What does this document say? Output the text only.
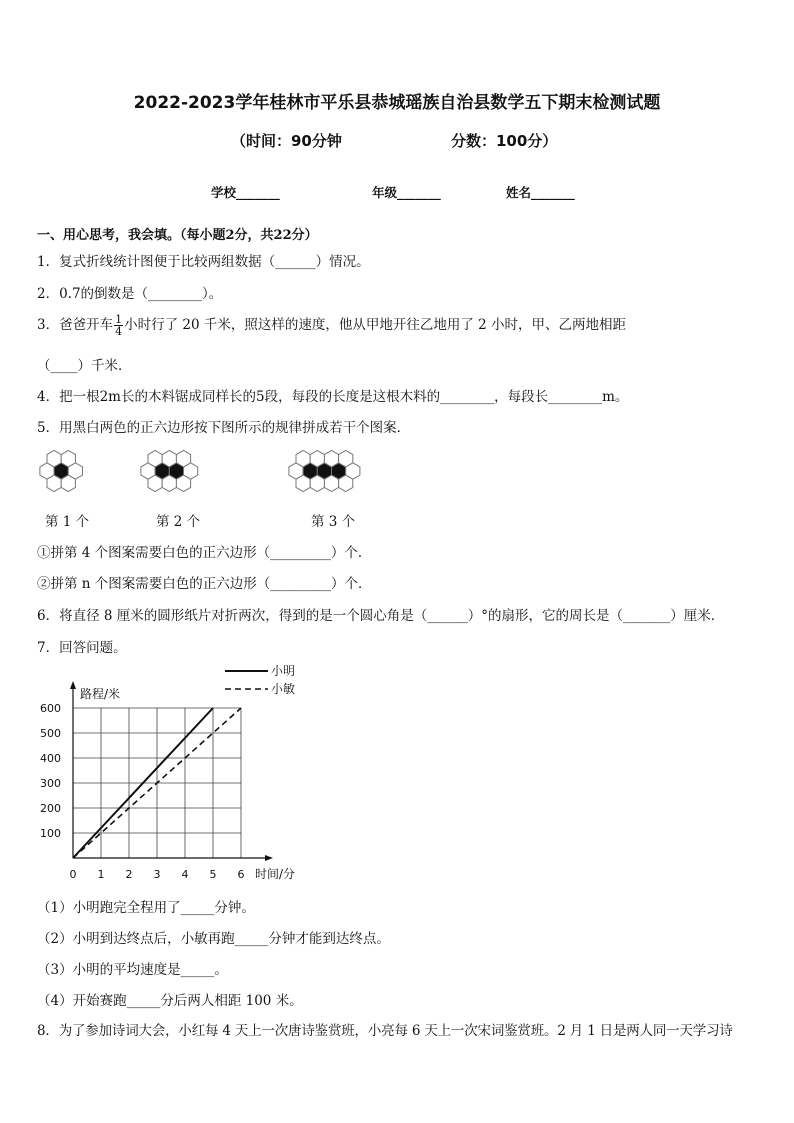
2022-2023学年桂林市平乐县恭城瑶族自治县数学五下期末检测试题
（时间：90分钟	分数：100分）
学校_______	年级_______	姓名_______
一、用心思考，我会填。（每小题2分，共22分）
1．复式折线统计图便于比较两组数据（______）情况。
2．0.7的倒数是（________）。
3．爸爸开车 $\frac{1}{4}$ 小时行了 20 千米，照这样的速度，他从甲地开往乙地用了 2 小时，甲、乙两地相距
（____）千米．
4．把一根2m长的木料锯成同样长的5段，每段的长度是这根木料的________，每段长________m。
5．用黑白两色的正六边形按下图所示的规律拼成若干个图案．
第 1 个	第 2 个	第 3 个
①拼第 4 个图案需要白色的正六边形（_________）个．
②拼第 n 个图案需要白色的正六边形（_________）个．
6．将直径 8 厘米的圆形纸片对折两次，得到的是一个圆心角是（______）°的扇形，它的周长是（_______）厘米．
7．回答问题。
0 1 2 3 4 5 6
100
200
300
400
500
600
路程/米
时间/分
小明
小敏
（1）小明跑完全程用了_____分钟。
（2）小明到达终点后，小敏再跑_____分钟才能到达终点。
（3）小明的平均速度是_____。
（4）开始赛跑_____分后两人相距 100 米。
8．为了参加诗词大会，小红每 4 天上一次唐诗鉴赏班，小亮每 6 天上一次宋词鉴赏班。2 月 1 日是两人同一天学习诗
